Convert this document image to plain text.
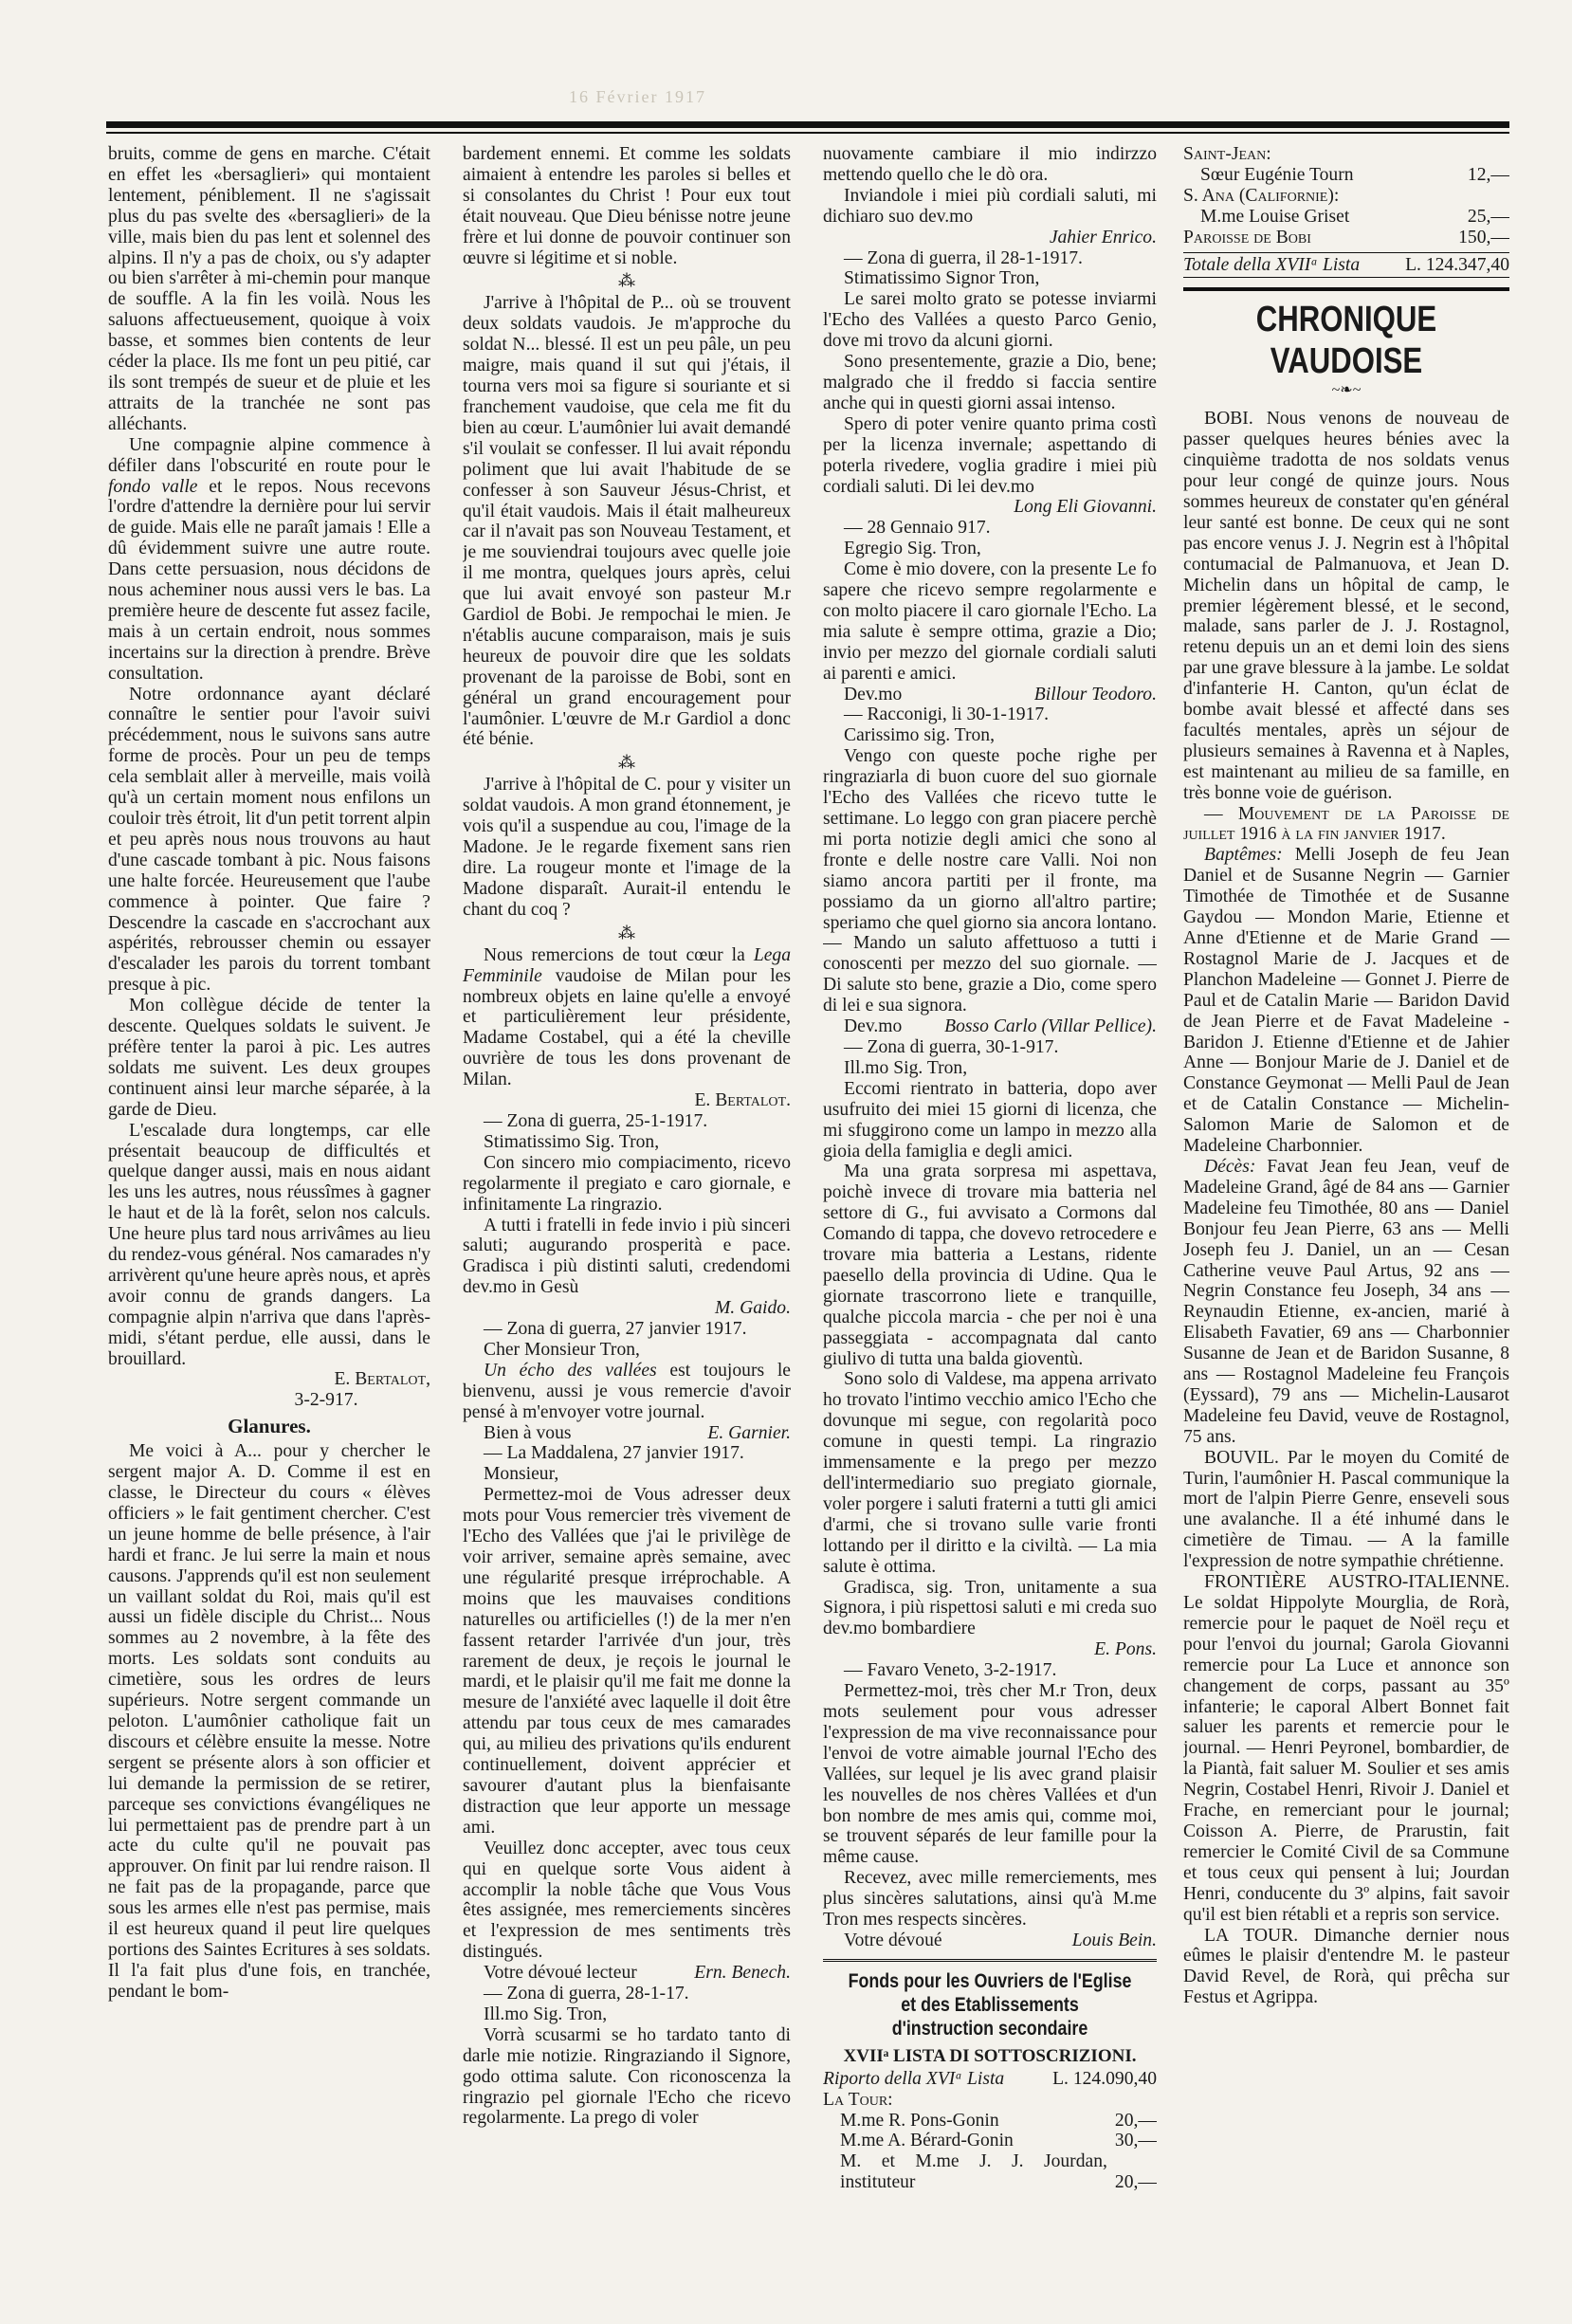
16 Février 1917

bruits, comme de gens en marche. C'était en effet les «bersaglieri» qui montaient lentement, péniblement. Il ne s'agissait plus du pas svelte des «bersaglieri» de la ville, mais bien du pas lent et solennel des alpins. Il n'y a pas de choix, ou s'y adapter ou bien s'arrêter à mi-chemin pour manque de souffle. A la fin les voilà. Nous les saluons affectueusement, quoique à voix basse, et sommes bien contents de leur céder la place. Ils me font un peu pitié, car ils sont trempés de sueur et de pluie et les attraits de la tranchée ne sont pas alléchants.

Une compagnie alpine commence à défiler dans l'obscurité en route pour le fondo valle et le repos. Nous recevons l'ordre d'attendre la dernière pour lui servir de guide. Mais elle ne paraît jamais ! Elle a dû évidemment suivre une autre route. Dans cette persuasion, nous décidons de nous acheminer nous aussi vers le bas. La première heure de descente fut assez facile, mais à un certain endroit, nous sommes incertains sur la direction à prendre. Brève consultation.

Notre ordonnance ayant déclaré connaître le sentier pour l'avoir suivi précédemment, nous le suivons sans autre forme de procès. Pour un peu de temps cela semblait aller à merveille, mais voilà qu'à un certain moment nous enfilons un couloir très étroit, lit d'un petit torrent alpin et peu après nous nous trouvons au haut d'une cascade tombant à pic. Nous faisons une halte forcée. Heureusement que l'aube commence à pointer. Que faire ? Descendre la cascade en s'accrochant aux aspérités, rebrousser chemin ou essayer d'escalader les parois du torrent tombant presque à pic.

Mon collègue décide de tenter la descente. Quelques soldats le suivent. Je préfère tenter la paroi à pic. Les autres soldats me suivent. Les deux groupes continuent ainsi leur marche séparée, à la garde de Dieu.

L'escalade dura longtemps, car elle présentait beaucoup de difficultés et quelque danger aussi, mais en nous aidant les uns les autres, nous réussîmes à gagner le haut et de là la forêt, selon nos calculs. Une heure plus tard nous arrivâmes au lieu du rendez-vous général. Nos camarades n'y arrivèrent qu'une heure après nous, et après avoir connu de grands dangers. La compagnie alpin n'arriva que dans l'après-midi, s'étant perdue, elle aussi, dans le brouillard.

E. Bertalot,

3-2-917.

Glanures.

Me voici à A... pour y chercher le sergent major A. D. Comme il est en classe, le Directeur du cours « élèves officiers » le fait gentiment chercher. C'est un jeune homme de belle présence, à l'air hardi et franc. Je lui serre la main et nous causons. J'apprends qu'il est non seulement un vaillant soldat du Roi, mais qu'il est aussi un fidèle disciple du Christ... Nous sommes au 2 novembre, à la fête des morts. Les soldats sont conduits au cimetière, sous les ordres de leurs supérieurs. Notre sergent commande un peloton. L'aumônier catholique fait un discours et célèbre ensuite la messe. Notre sergent se présente alors à son officier et lui demande la permission de se retirer, parceque ses convictions évangéliques ne lui permettaient pas de prendre part à un acte du culte qu'il ne pouvait pas approuver. On finit par lui rendre raison. Il ne fait pas de la propagande, parce que sous les armes elle n'est pas permise, mais il est heureux quand il peut lire quelques portions des Saintes Ecritures à ses soldats. Il l'a fait plus d'une fois, en tranchée, pendant le bom-

bardement ennemi. Et comme les soldats aimaient à entendre les paroles si belles et si consolantes du Christ ! Pour eux tout était nouveau. Que Dieu bénisse notre jeune frère et lui donne de pouvoir continuer son œuvre si légitime et si noble.

⁂

J'arrive à l'hôpital de P... où se trouvent deux soldats vaudois. Je m'approche du soldat N... blessé. Il est un peu pâle, un peu maigre, mais quand il sut qui j'étais, il tourna vers moi sa figure si souriante et si franchement vaudoise, que cela me fit du bien au cœur. L'aumônier lui avait demandé s'il voulait se confesser. Il lui avait répondu poliment que lui avait l'habitude de se confesser à son Sauveur Jésus-Christ, et qu'il était vaudois. Mais il était malheureux car il n'avait pas son Nouveau Testament, et je me souviendrai toujours avec quelle joie il me montra, quelques jours après, celui que lui avait envoyé son pasteur M.r Gardiol de Bobi. Je rempochai le mien. Je n'établis aucune comparaison, mais je suis heureux de pouvoir dire que les soldats provenant de la paroisse de Bobi, sont en général un grand encouragement pour l'aumônier. L'œuvre de M.r Gardiol a donc été bénie.

⁂

J'arrive à l'hôpital de C. pour y visiter un soldat vaudois. A mon grand étonnement, je vois qu'il a suspendue au cou, l'image de la Madone. Je le regarde fixement sans rien dire. La rougeur monte et l'image de la Madone disparaît. Aurait-il entendu le chant du coq ?

⁂

Nous remercions de tout cœur la Lega Femminile vaudoise de Milan pour les nombreux objets en laine qu'elle a envoyé et particulièrement leur présidente, Madame Costabel, qui a été la cheville ouvrière de tous les dons provenant de Milan.

E. Bertalot.

— Zona di guerra, 25-1-1917.

Stimatissimo Sig. Tron,

Con sincero mio compiacimento, ricevo regolarmente il pregiato e caro giornale, e infinitamente La ringrazio.

A tutti i fratelli in fede invio i più sinceri saluti; augurando prosperità e pace. Gradisca i più distinti saluti, credendomi dev.mo in Gesù

M. Gaido.

— Zona di guerra, 27 janvier 1917.

Cher Monsieur Tron,

Un écho des vallées est toujours le bienvenu, aussi je vous remercie d'avoir pensé à m'envoyer votre journal.

Bien à vous	E. Garnier.

— La Maddalena, 27 janvier 1917.

Monsieur,

Permettez-moi de Vous adresser deux mots pour Vous remercier très vivement de l'Echo des Vallées que j'ai le privilège de voir arriver, semaine après semaine, avec une régularité presque irréprochable. A moins que les mauvaises conditions naturelles ou artificielles (!) de la mer n'en fassent retarder l'arrivée d'un jour, très rarement de deux, je reçois le journal le mardi, et le plaisir qu'il me fait me donne la mesure de l'anxiété avec laquelle il doit être attendu par tous ceux de mes camarades qui, au milieu des privations qu'ils endurent continuellement, doivent apprécier et savourer d'autant plus la bienfaisante distraction que leur apporte un message ami.

Veuillez donc accepter, avec tous ceux qui en quelque sorte Vous aident à accomplir la noble tâche que Vous Vous êtes assignée, mes remerciements sincères et l'expression de mes sentiments très distingués.

Votre dévoué lecteur	Ern. Benech.

— Zona di guerra, 28-1-17.

Ill.mo Sig. Tron,

Vorrà scusarmi se ho tardato tanto di darle mie notizie. Ringraziando il Signore, godo ottima salute. Con riconoscenza la ringrazio pel giornale l'Echo che ricevo regolarmente. La prego di voler

nuovamente cambiare il mio indirzzo mettendo quello che le dò ora.

Inviandole i miei più cordiali saluti, mi dichiaro suo dev.mo

Jahier Enrico.

— Zona di guerra, il 28-1-1917.

Stimatissimo Signor Tron,

Le sarei molto grato se potesse inviarmi l'Echo des Vallées a questo Parco Genio, dove mi trovo da alcuni giorni.

Sono presentemente, grazie a Dio, bene; malgrado che il freddo si faccia sentire anche qui in questi giorni assai intenso.

Spero di poter venire quanto prima costì per la licenza invernale; aspettando di poterla rivedere, voglia gradire i miei più cordiali saluti. Di lei dev.mo

Long Eli Giovanni.

— 28 Gennaio 917.

Egregio Sig. Tron,

Come è mio dovere, con la presente Le fo sapere che ricevo sempre regolarmente e con molto piacere il caro giornale l'Echo. La mia salute è sempre ottima, grazie a Dio; invio per mezzo del giornale cordiali saluti ai parenti e amici.

Dev.mo	Billour Teodoro.

— Racconigi, li 30-1-1917.

Carissimo sig. Tron,

Vengo con queste poche righe per ringraziarla di buon cuore del suo giornale l'Echo des Vallées che ricevo tutte le settimane. Lo leggo con gran piacere perchè mi porta notizie degli amici che sono al fronte e delle nostre care Valli. Noi non siamo ancora partiti per il fronte, ma possiamo da un giorno all'altro partire; speriamo che quel giorno sia ancora lontano. — Mando un saluto affettuoso a tutti i conoscenti per mezzo del suo giornale. — Di salute sto bene, grazie a Dio, come spero di lei e sua signora.

Dev.mo	Bosso Carlo (Villar Pellice).

— Zona di guerra, 30-1-917.

Ill.mo Sig. Tron,

Eccomi rientrato in batteria, dopo aver usufruito dei miei 15 giorni di licenza, che mi sfuggirono come un lampo in mezzo alla gioia della famiglia e degli amici.

Ma una grata sorpresa mi aspettava, poichè invece di trovare mia batteria nel settore di G., fui avvisato a Cormons dal Comando di tappa, che dovevo retrocedere e trovare mia batteria a Lestans, ridente paesello della provincia di Udine. Qua le giornate trascorrono liete e tranquille, qualche piccola marcia - che per noi è una passeggiata - accompagnata dal canto giulivo di tutta una balda gioventù.

Sono solo di Valdese, ma appena arrivato ho trovato l'intimo vecchio amico l'Echo che dovunque mi segue, con regolarità poco comune in questi tempi. La ringrazio immensamente e la prego per mezzo dell'intermediario suo pregiato giornale, voler porgere i saluti fraterni a tutti gli amici d'armi, che si trovano sulle varie fronti lottando per il diritto e la civiltà. — La mia salute è ottima.

Gradisca, sig. Tron, unitamente a sua Signora, i più rispettosi saluti e mi creda suo dev.mo bombardiere

E. Pons.

— Favaro Veneto, 3-2-1917.

Permettez-moi, très cher M.r Tron, deux mots seulement pour vous adresser l'expression de ma vive reconnaissance pour l'envoi de votre aimable journal l'Echo des Vallées, sur lequel je lis avec grand plaisir les nouvelles de nos chères Vallées et d'un bon nombre de mes amis qui, comme moi, se trouvent séparés de leur famille pour la même cause.

Recevez, avec mille remerciements, mes plus sincères salutations, ainsi qu'à M.me Tron mes respects sincères.

Votre dévoué	Louis Bein.

Fonds pour les Ouvriers de l'Eglise
et des Etablissements d'instruction secondaire
XVIIᵃ LISTA DI SOTTOSCRIZIONI.
Riporto della XVIᵃ Lista	L. 124.090,40
La Tour:
M.me R. Pons-Gonin	20,—
M.me A. Bérard-Gonin	30,—
M. et M.me J. J. Jourdan, instituteur	20,—
Saint-Jean:
Sœur Eugénie Tourn	12,—
S. Ana (Californie):
M.me Louise Griset	25,—
Paroisse de Bobi	150,—
Totale della XVIIᵃ Lista L. 124.347,40
CHRONIQUE VAUDOISE
~❧~

BOBI. Nous venons de nouveau de passer quelques heures bénies avec la cinquième tradotta de nos soldats venus pour leur congé de quinze jours. Nous sommes heureux de constater qu'en général leur santé est bonne. De ceux qui ne sont pas encore venus J. J. Negrin est à l'hôpital contumacial de Palmanuova, et Jean D. Michelin dans un hôpital de camp, le premier légèrement blessé, et le second, malade, sans parler de J. J. Rostagnol, retenu depuis un an et demi loin des siens par une grave blessure à la jambe. Le soldat d'infanterie H. Canton, qu'un éclat de bombe avait blessé et affecté dans ses facultés mentales, après un séjour de plusieurs semaines à Ravenna et à Naples, est maintenant au milieu de sa famille, en très bonne voie de guérison.

— Mouvement de la Paroisse de juillet 1916 à la fin janvier 1917.

Baptêmes: Melli Joseph de feu Jean Daniel et de Susanne Negrin — Garnier Timothée de Timothée et de Susanne Gaydou — Mondon Marie, Etienne et Anne d'Etienne et de Marie Grand — Rostagnol Marie de J. Jacques et de Planchon Madeleine — Gonnet J. Pierre de Paul et de Catalin Marie — Baridon David de Jean Pierre et de Favat Madeleine - Baridon J. Etienne d'Etienne et de Jahier Anne — Bonjour Marie de J. Daniel et de Constance Geymonat — Melli Paul de Jean et de Catalin Constance — Michelin-Salomon Marie de Salomon et de Madeleine Charbonnier.

Décès: Favat Jean feu Jean, veuf de Madeleine Grand, âgé de 84 ans — Garnier Madeleine feu Timothée, 80 ans — Daniel Bonjour feu Jean Pierre, 63 ans — Melli Joseph feu J. Daniel, un an — Cesan Catherine veuve Paul Artus, 92 ans — Negrin Constance feu Joseph, 34 ans — Reynaudin Etienne, ex-ancien, marié à Elisabeth Favatier, 69 ans — Charbonnier Susanne de Jean et de Baridon Susanne, 8 ans — Rostagnol Madeleine feu François (Eyssard), 79 ans — Michelin-Lausarot Madeleine feu David, veuve de Rostagnol, 75 ans.

BOUVIL. Par le moyen du Comité de Turin, l'aumônier H. Pascal communique la mort de l'alpin Pierre Genre, enseveli sous une avalanche. Il a été inhumé dans le cimetière de Timau. — A la famille l'expression de notre sympathie chrétienne.

FRONTIÈRE AUSTRO-ITALIENNE. Le soldat Hippolyte Mourglia, de Rorà, remercie pour le paquet de Noël reçu et pour l'envoi du journal; Garola Giovanni remercie pour La Luce et annonce son changement de corps, passant au 35º infanterie; le caporal Albert Bonnet fait saluer les parents et remercie pour le journal. — Henri Peyronel, bombardier, de la Piantà, fait saluer M. Soulier et ses amis Negrin, Costabel Henri, Rivoir J. Daniel et Frache, en remerciant pour le journal; Coisson A. Pierre, de Prarustin, fait remercier le Comité Civil de sa Commune et tous ceux qui pensent à lui; Jourdan Henri, conducente du 3º alpins, fait savoir qu'il est bien rétabli et a repris son service.

LA TOUR. Dimanche dernier nous eûmes le plaisir d'entendre M. le pasteur David Revel, de Rorà, qui prêcha sur Festus et Agrippa.
